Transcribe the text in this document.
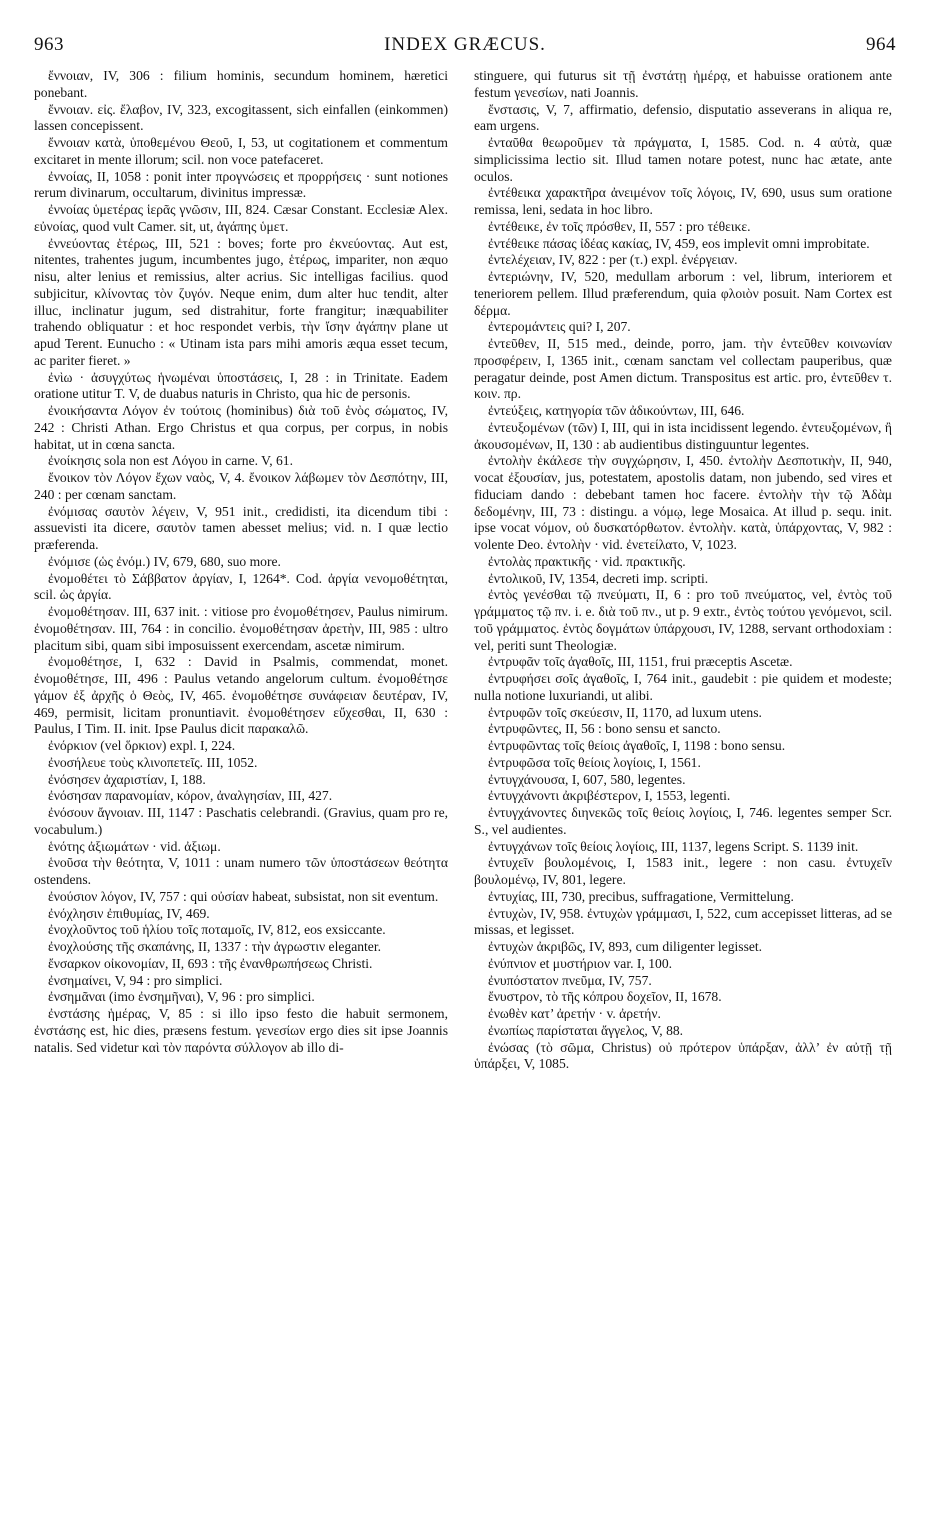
963	INDEX GRÆCUS.	964

ἔννοιαν, IV, 306 : filium hominis, secundum hominem, hæretici ponebant.

ἔννοιαν. εἰς. ἔλαβον, IV, 323, excogitassent, sich einfallen (einkommen) lassen concepissent.

ἔννοιαν κατὰ, ὑποθεμένου Θεοῦ, I, 53, ut cogitationem et commentum excitaret in mente illorum; scil. non voce patefaceret.

ἐννοίας, II, 1058 : ponit inter προγνώσεις et προρρήσεις · sunt notiones rerum divinarum, occultarum, divinitus impressæ.

ἐννοίας ὑμετέρας ἱερᾶς γνῶσιν, III, 824. Cæsar Constant. Ecclesiæ Alex. εὐνοίας, quod vult Camer. sit, ut, ἀγάπης ὑμετ.

ἐννεύοντας ἑτέρως, III, 521 : boves; forte pro ἐκνεύοντας. Aut est, nitentes, trahentes jugum, incumbentes jugo, ἑτέρως, impariter, non æquo nisu, alter lenius et remissius, alter acrius. Sic intelligas facilius. quod subjicitur, κλίνοντας τὸν ζυγόν. Neque enim, dum alter huc tendit, alter illuc, inclinatur jugum, sed distrahitur, forte frangitur; inæquabiliter trahendo obliquatur : et hoc respondet verbis, τὴν ἴσην ἀγάπην plane ut apud Terent. Eunucho : « Utinam ista pars mihi amoris æqua esset tecum, ac pariter fieret. »

ἐνὶω · ἀσυγχύτως ἡνωμέναι ὑποστάσεις, I, 28 : in Trinitate. Eadem oratione utitur T. V, de duabus naturis in Christo, qua hic de personis.

ἐνοικήσαντα Λόγον ἐν τούτοις (hominibus) διὰ τοῦ ἑνὸς σώματος, IV, 242 : Christi Athan. Ergo Christus et qua corpus, per corpus, in nobis habitat, ut in cœna sancta.

ἐνοίκησις sola non est Λόγου in carne. V, 61.

ἔνοικον τὸν Λόγον ἔχων ναὸς, V, 4. ἔνοικον λάβωμεν τὸν Δεσπότην, III, 240 : per cœnam sanctam.

ἐνόμισας σαυτὸν λέγειν, V, 951 init., credidisti, ita dicendum tibi : assuevisti ita dicere, σαυτὸν tamen abesset melius; vid. n. I quæ lectio præferenda.

ἐνόμισε (ὡς ἐνόμ.) IV, 679, 680, suo more.

ἐνομοθέτει τὸ Σάββατον ἀργίαν, I, 1264*. Cod. ἀργία νενομοθέτηται, scil. ὡς ἀργία.

ἐνομοθέτησαν. III, 637 init. : vitiose pro ἐνομοθέτησεν, Paulus nimirum. ἐνομοθέτησαν. III, 764 : in concilio. ἐνομοθέτησαν ἀρετὴν, III, 985 : ultro placitum sibi, quam sibi imposuissent exercendam, ascetæ nimirum.

ἐνομοθέτησε, I, 632 : David in Psalmis, commendat, monet. ἐνομοθέτησε, III, 496 : Paulus vetando angelorum cultum. ἐνομοθέτησε γάμον ἐξ ἀρχῆς ὁ Θεὸς, IV, 465. ἐνομοθέτησε συνάφειαν δευτέραν, IV, 469, permisit, licitam pronuntiavit. ἐνομοθέτησεν εὔχεσθαι, II, 630 : Paulus, I Tim. II. init. Ipse Paulus dicit παρακαλῶ.

ἐνόρκιον (vel ὅρκιον) expl. I, 224.

ἐνοσήλευε τοὺς κλινοπετεῖς. III, 1052.

ἐνόσησεν ἀχαριστίαν, I, 188.

ἐνόσησαν παρανομίαν, κόρον, ἀναλγησίαν, III, 427.

ἐνόσουν ἄγνοιαν. III, 1147 : Paschatis celebrandi. (Gravius, quam pro re, vocabulum.)

ἑνότης ἀξιωμάτων · vid. ἀξιωμ.

ἑνοῦσα τὴν θεότητα, V, 1011 : unam numero τῶν ὑποστάσεων θεότητα ostendens.

ἐνούσιον λόγον, IV, 757 : qui οὐσίαν habeat, subsistat, non sit eventum.

ἐνόχλησιν ἐπιθυμίας, IV, 469.

ἐνοχλοῦντος τοῦ ἡλίου τοῖς ποταμοῖς, IV, 812, eos exsiccante.

ἐνοχλούσης τῆς σκαπάνης, II, 1337 : τὴν ἀγρωστιν eleganter.

ἔνσαρκον οἰκονομίαν, II, 693 : τῆς ἐνανθρωπήσεως Christi.

ἐνσημαίνει, V, 94 : pro simplici.

ἐνσημᾶναι (imo ἐνσημῆναι), V, 96 : pro simplici.

ἐνστάσης ἡμέρας, V, 85 : si illo ipso festo die habuit sermonem, ἐνστάσης est, hic dies, præsens festum. γενεσίων ergo dies sit ipse Joannis natalis. Sed videtur καὶ τὸν παρόντα σύλλογον ab illo di-

stinguere, qui futurus sit τῇ ἐνστάτῃ ἡμέρᾳ, et habuisse orationem ante festum γενεσίων, nati Joannis.

ἔνστασις, V, 7, affirmatio, defensio, disputatio asseverans in aliqua re, eam urgens.

ἐνταῦθα θεωροῦμεν τὰ πράγματα, I, 1585. Cod. n. 4 αὐτὰ, quæ simplicissima lectio sit. Illud tamen notare potest, nunc hac ætate, ante oculos.

ἐντέθεικα χαρακτῆρα ἀνειμένον τοῖς λόγοις, IV, 690, usus sum oratione remissa, leni, sedata in hoc libro.

ἐντέθεικε, ἐν τοῖς πρόσθεν, II, 557 : pro τέθεικε.

ἐντέθεικε πάσας ἰδέας κακίας, IV, 459, eos implevit omni improbitate.

ἐντελέχειαν, IV, 822 : per (τ.) expl. ἐνέργειαν.

ἐντεριώνην, IV, 520, medullam arborum : vel, librum, interiorem et teneriorem pellem. Illud præferendum, quia φλοιὸν posuit. Nam Cortex est δέρμα.

ἐντερομάντεις qui? I, 207.

ἐντεῦθεν, II, 515 med., deinde, porro, jam. τὴν ἐντεῦθεν κοινωνίαν προσφέρειν, I, 1365 init., cœnam sanctam vel collectam pauperibus, quæ peragatur deinde, post Amen dictum. Transpositus est artic. pro, ἐντεῦθεν τ. κοιν. πρ.

ἐντεύξεις, κατηγορία τῶν ἀδικούντων, III, 646.

ἐντευξομένων (τῶν) I, III, qui in ista incidissent legendo. ἐντευξομένων, ἢ ἀκουσομένων, II, 130 : ab audientibus distinguuntur legentes.

ἐντολὴν ἐκάλεσε τὴν συγχώρησιν, I, 450. ἐντολὴν Δεσποτικὴν, II, 940, vocat ἐξουσίαν, jus, potestatem, apostolis datam, non jubendo, sed vires et fiduciam dando : debebant tamen hoc facere. ἐντολὴν τὴν τῷ Ἀδὰμ δεδομένην, III, 73 : distingu. a νόμῳ, lege Mosaica. At illud p. sequ. init. ipse vocat νόμον, οὐ δυσκατόρθωτον. ἐντολὴν. κατὰ, ὑπάρχοντας, V, 982 : volente Deo. ἐντολὴν · vid. ἐνετείλατο, V, 1023.

ἐντολὰς πρακτικῆς · vid. πρακτικῆς.

ἐντολικοῦ, IV, 1354, decreti imp. scripti.

ἐντὸς γενέσθαι τῷ πνεύματι, II, 6 : pro τοῦ πνεύματος, vel, ἐντὸς τοῦ γράμματος τῷ πν. i. e. διὰ τοῦ πν., ut p. 9 extr., ἐντὸς τούτου γενόμενοι, scil. τοῦ γράμματος. ἐντὸς δογμάτων ὑπάρχουσι, IV, 1288, servant orthodoxiam : vel, periti sunt Theologiæ.

ἐντρυφᾶν τοῖς ἀγαθοῖς, III, 1151, frui præceptis Ascetæ.

ἐντρυφήσει σοῖς ἀγαθοῖς, I, 764 init., gaudebit : pie quidem et modeste; nulla notione luxuriandi, ut alibi.

ἐντρυφῶν τοῖς σκεύεσιν, II, 1170, ad luxum utens.

ἐντρυφῶντες, II, 56 : bono sensu et sancto.

ἐντρυφῶντας τοῖς θείοις ἀγαθοῖς, I, 1198 : bono sensu.

ἐντρυφῶσα τοῖς θείοις λογίοις, I, 1561.

ἐντυγχάνουσα, I, 607, 580, legentes.

ἐντυγχάνοντι ἀκριβέστερον, I, 1553, legenti.

ἐντυγχάνοντες διηνεκῶς τοῖς θείοις λογίοις, I, 746. legentes semper Scr. S., vel audientes.

ἐντυγχάνων τοῖς θείοις λογίοις, III, 1137, legens Script. S. 1139 init.

ἐντυχεῖν βουλομένοις, I, 1583 init., legere : non casu. ἐντυχεῖν βουλομένῳ, IV, 801, legere.

ἐντυχίας, III, 730, precibus, suffragatione, Vermittelung.

ἐντυχὼν, IV, 958. ἐντυχὼν γράμμασι, I, 522, cum accepisset litteras, ad se missas, et legisset.

ἐντυχὼν ἀκριβῶς, IV, 893, cum diligenter legisset.

ἐνύπνιον et μυστήριον var. I, 100.

ἐνυπόστατον πνεῦμα, IV, 757.

ἔνυστρον, τὸ τῆς κόπρου δοχεῖον, II, 1678.

ἐνωθὲν κατ’ ἀρετήν · v. ἀρετήν.

ἐνωπίως παρίσταται ἄγγελος, V, 88.

ἐνώσας (τὸ σῶμα, Christus) οὐ πρότερον ὑπάρξαν, ἀλλ’ ἐν αὐτῇ τῇ ὑπάρξει, V, 1085.
